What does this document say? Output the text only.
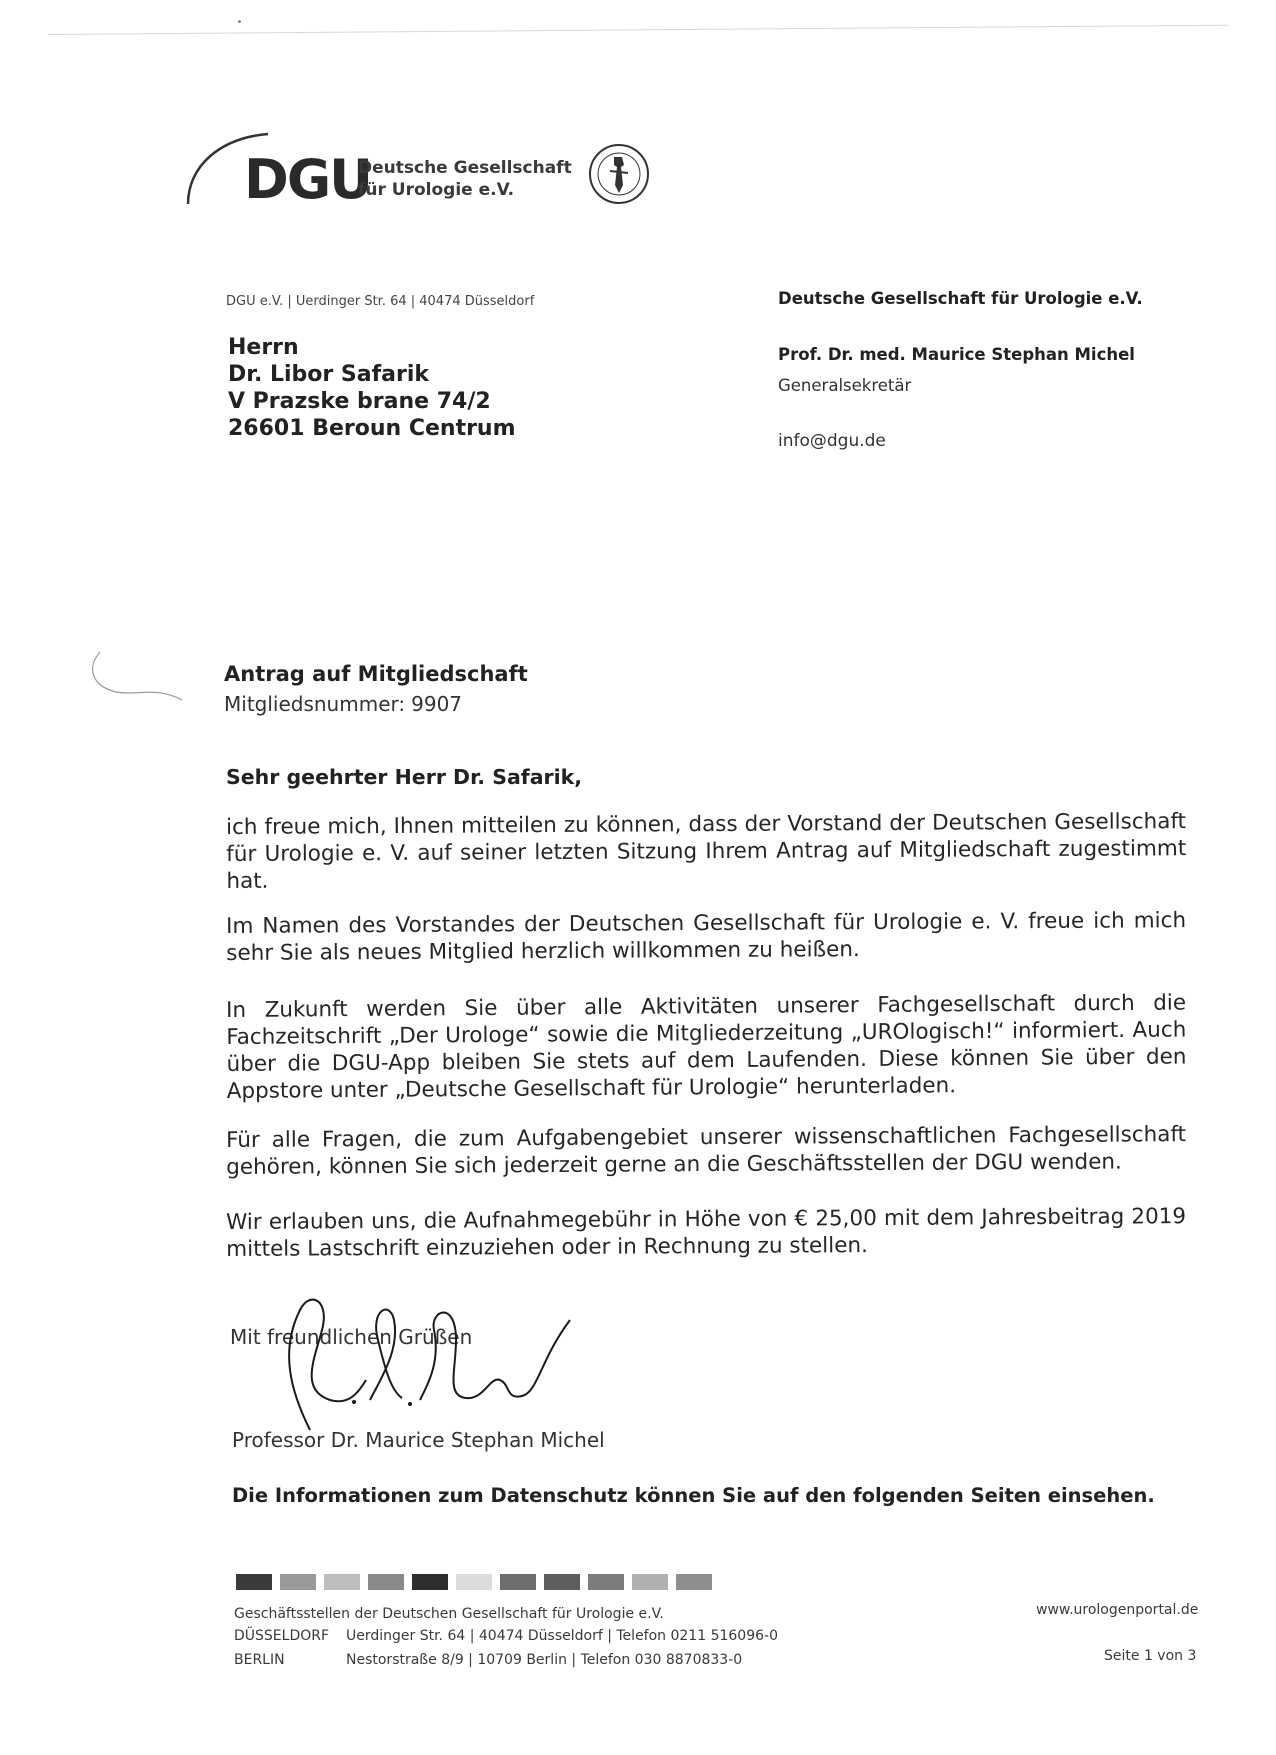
DGU
Deutsche Gesellschaft
für Urologie e.V.
DGU e.V. | Uerdinger Str. 64 | 40474 Düsseldorf
Herrn
Dr. Libor Safarik
V Prazske brane 74/2
26601 Beroun Centrum
Deutsche Gesellschaft für Urologie e.V.
Prof. Dr. med. Maurice Stephan Michel
Generalsekretär
info@dgu.de
Antrag auf Mitgliedschaft
Mitgliedsnummer: 9907
Sehr geehrter Herr Dr. Safarik,
ich freue mich, Ihnen mitteilen zu können, dass der Vorstand der Deutschen Gesellschaft für Urologie e. V. auf seiner letzten Sitzung Ihrem Antrag auf Mitgliedschaft zugestimmt hat.
Im Namen des Vorstandes der Deutschen Gesellschaft für Urologie e. V. freue ich mich sehr Sie als neues Mitglied herzlich willkommen zu heißen.
In Zukunft werden Sie über alle Aktivitäten unserer Fachgesellschaft durch die Fachzeitschrift „Der Urologe“ sowie die Mitgliederzeitung „UROlogisch!“ informiert. Auch über die DGU-App bleiben Sie stets auf dem Laufenden. Diese können Sie über den Appstore unter „Deutsche Gesellschaft für Urologie“ herunterladen.
Für alle Fragen, die zum Aufgabengebiet unserer wissenschaftlichen Fachgesellschaft gehören, können Sie sich jederzeit gerne an die Geschäftsstellen der DGU wenden.
Wir erlauben uns, die Aufnahmegebühr in Höhe von € 25,00 mit dem Jahresbeitrag 2019 mittels Lastschrift einzuziehen oder in Rechnung zu stellen.
Mit freundlichen Grüßen
Professor Dr. Maurice Stephan Michel
Die Informationen zum Datenschutz können Sie auf den folgenden Seiten einsehen.
Geschäftsstellen der Deutschen Gesellschaft für Urologie e.V.
DÜSSELDORF Uerdinger Str. 64 | 40474 Düsseldorf | Telefon 0211 516096-0
BERLIN	Nestorstraße 8/9 | 10709 Berlin | Telefon 030 8870833-0
www.urologenportal.de
Seite 1 von 3
